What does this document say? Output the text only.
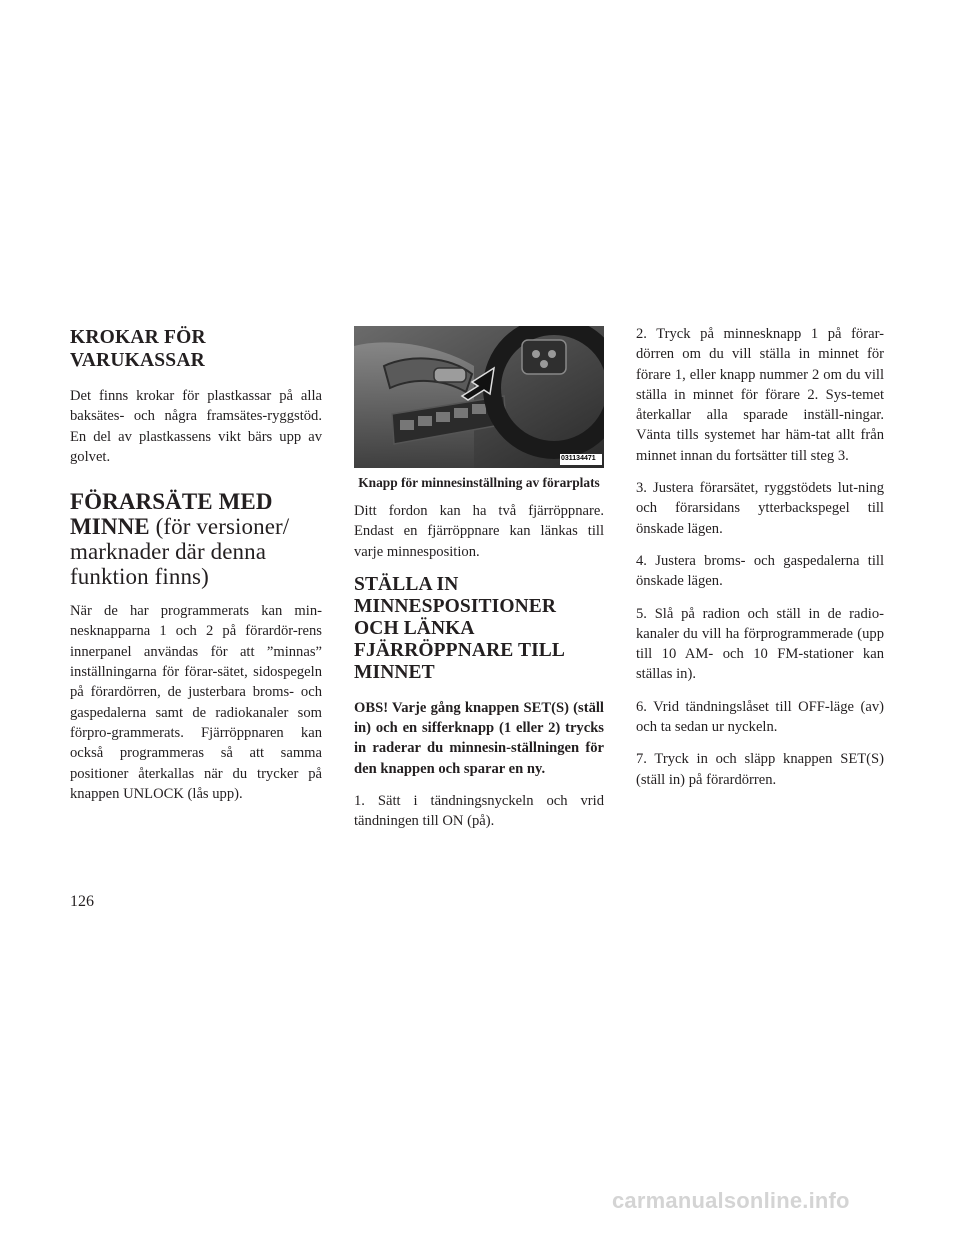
KROKAR FÖR VARUKASSAR

Det finns krokar för plastkassar på alla baksätes- och några framsätes-ryggstöd. En del av plastkassens vikt bärs upp av golvet.

FÖRARSÄTE MED MINNE (för versioner/ marknader där denna funktion finns)

När de har programmerats kan min-nesknapparna 1 och 2 på förardör-rens innerpanel användas för att ”minnas” inställningarna för förar-sätet, sidospegeln på förardörren, de justerbara broms- och gaspedalerna samt de radiokanaler som förpro-grammerats. Fjärröppnaren kan också programmeras så att samma positioner återkallas när du trycker på knappen UNLOCK (lås upp).

031134471
Knapp för minnesinställning av förarplats

Ditt fordon kan ha två fjärröppnare. Endast en fjärröppnare kan länkas till varje minnesposition.

STÄLLA IN MINNESPOSITIONER OCH LÄNKA FJÄRRÖPPNARE TILL MINNET

OBS! Varje gång knappen SET(S) (ställ in) och en sifferknapp (1 eller 2) trycks in raderar du minnesin-ställningen för den knappen och sparar en ny.

1. Sätt i tändningsnyckeln och vrid tändningen till ON (på).

2. Tryck på minnesknapp 1 på förar-dörren om du vill ställa in minnet för förare 1, eller knapp nummer 2 om du vill ställa in minnet för förare 2. Sys-temet återkallar alla sparade inställ-ningar. Vänta tills systemet har häm-tat allt från minnet innan du fortsätter till steg 3.

3. Justera förarsätet, ryggstödets lut-ning och förarsidans ytterbackspegel till önskade lägen.

4. Justera broms- och gaspedalerna till önskade lägen.

5. Slå på radion och ställ in de radio-kanaler du vill ha förprogrammerade (upp till 10 AM- och 10 FM-stationer kan ställas in).

6. Vrid tändningslåset till OFF-läge (av) och ta sedan ur nyckeln.

7. Tryck in och släpp knappen SET(S) (ställ in) på förardörren.

126
carmanualsonline.info
